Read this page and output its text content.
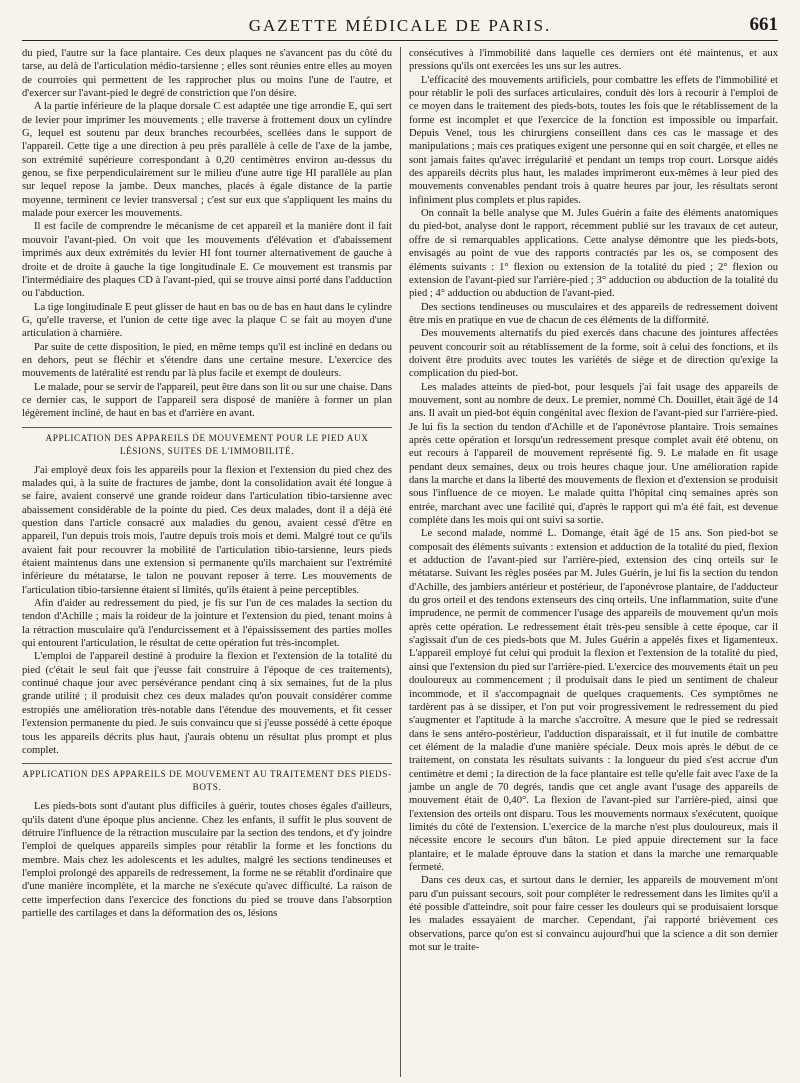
GAZETTE MÉDICALE DE PARIS.	661

du pied, l'autre sur la face plantaire. Ces deux plaques ne s'avancent pas du côté du tarse, au delà de l'articulation médio-tarsienne ; elles sont réunies entre elles au moyen de courroies qui permettent de les rapprocher plus ou moins l'une de l'autre, et d'exercer sur l'avant-pied le degré de constriction que l'on désire.

A la partie inférieure de la plaque dorsale C est adaptée une tige arrondie E, qui sert de levier pour imprimer les mouvements ; elle traverse à frottement doux un cylindre G, lequel est soutenu par deux branches recourbées, scellées dans le support de l'appareil. Cette tige a une direction à peu près parallèle à celle de l'axe de la jambe, son extrémité supérieure correspondant à 0,20 centimètres environ au-dessus du genou, se fixe perpendiculairement sur le milieu d'une autre tige HI parallèle au plan sur lequel repose la jambe. Deux manches, placés à égale distance de la partie moyenne, terminent ce levier transversal ; c'est sur eux que s'appliquent les mains du malade pour exercer les mouvements.

Il est facile de comprendre le mécanisme de cet appareil et la manière dont il fait mouvoir l'avant-pied. On voit que les mouvements d'élévation et d'abaissement imprimés aux deux extrémités du levier HI font tourner alternativement de gauche à droite et de droite à gauche la tige longitudinale E. Ce mouvement est transmis par l'intermédiaire des plaques CD à l'avant-pied, qui se trouve ainsi porté dans l'adduction ou l'abduction.

La tige longitudinale E peut glisser de haut en bas ou de bas en haut dans le cylindre G, qu'elle traverse, et l'union de cette tige avec la plaque C se fait au moyen d'une articulation à charnière.

Par suite de cette disposition, le pied, en même temps qu'il est incliné en dedans ou en dehors, peut se fléchir et s'étendre dans une certaine mesure. L'exercice des mouvements de latéralité est rendu par là plus facile et exempt de douleurs.

Le malade, pour se servir de l'appareil, peut être dans son lit ou sur une chaise. Dans ce dernier cas, le support de l'appareil sera disposé de manière à former un plan légèrement incliné, de haut en bas et d'arrière en avant.

APPLICATION DES APPAREILS DE MOUVEMENT POUR LE PIED AUX LÉSIONS, SUITES DE L'IMMOBILITÉ.

J'ai employé deux fois les appareils pour la flexion et l'extension du pied chez des malades qui, à la suite de fractures de jambe, dont la consolidation avait été longue à se faire, avaient conservé une grande roideur dans l'articulation tibio-tarsienne avec abaissement considérable de la pointe du pied. Ces deux malades, dont il a déjà été question dans l'article consacré aux maladies du genou, avaient cessé d'être en appareil, l'un depuis trois mois, l'autre depuis trois mois et demi. Malgré tout ce qu'ils avaient fait pour recouvrer la mobilité de l'articulation tibio-tarsienne, leurs pieds étaient maintenus dans une extension si permanente qu'ils marchaient sur l'extrémité inférieure du métatarse, le talon ne pouvant reposer à terre. Les mouvements de l'articulation tibio-tarsienne étaient si limités, qu'ils étaient à peine perceptibles.

Afin d'aider au redressement du pied, je fis sur l'un de ces malades la section du tendon d'Achille ; mais la roideur de la jointure et l'extension du pied, tenant moins à la rétraction musculaire qu'à l'endurcissement et à l'épaississement des parties molles qui entourent l'articulation, le résultat de cette opération fut très-incomplet.

L'emploi de l'appareil destiné à produire la flexion et l'extension de la totalité du pied (c'était le seul fait que j'eusse fait construire à l'époque de ces traitements), continué chaque jour avec persévérance pendant cinq à six semaines, fut de la plus grande utilité ; il produisit chez ces deux malades qu'on pouvait considérer comme estropiés une amélioration très-notable dans l'étendue des mouvements, et fit cesser l'extension permanente du pied. Je suis convaincu que si j'eusse possédé à cette époque tous les appareils décrits plus haut, j'aurais obtenu un résultat plus prompt et plus complet.

APPLICATION DES APPAREILS DE MOUVEMENT AU TRAITEMENT DES PIEDS-BOTS.

Les pieds-bots sont d'autant plus difficiles à guérir, toutes choses égales d'ailleurs, qu'ils datent d'une époque plus ancienne. Chez les enfants, il suffit le plus souvent de détruire l'influence de la rétraction musculaire par la section des tendons, et d'y joindre l'emploi de quelques appareils simples pour rétablir la forme et les fonctions du membre. Mais chez les adolescents et les adultes, malgré les sections tendineuses et l'emploi prolongé des appareils de redressement, la forme ne se rétablit d'ordinaire que d'une manière incomplète, et la marche ne s'exécute qu'avec difficulté. La raison de cette imperfection dans l'exercice des fonctions du pied se trouve dans l'absorption partielle des cartilages et dans la déformation des os, lésions

consécutives à l'immobilité dans laquelle ces derniers ont été maintenus, et aux pressions qu'ils ont exercées les uns sur les autres.

L'efficacité des mouvements artificiels, pour combattre les effets de l'immobilité et pour rétablir le poli des surfaces articulaires, conduit dès lors à recourir à l'emploi de ce moyen dans le traitement des pieds-bots, toutes les fois que le rétablissement de la forme est incomplet et que l'exercice de la fonction est impossible ou imparfait. Depuis Venel, tous les chirurgiens conseillent dans ces cas le massage et des manipulations ; mais ces pratiques exigent une personne qui en soit chargée, et elles ne sont jamais faites qu'avec irrégularité et pendant un temps trop court. Lorsque aidés des appareils décrits plus haut, les malades imprimeront eux-mêmes à leur pied des mouvements convenables pendant trois à quatre heures par jour, les résultats seront infiniment plus complets et plus rapides.

On connaît la belle analyse que M. Jules Guérin a faite des éléments anatomiques du pied-bot, analyse dont le rapport, récemment publié sur les travaux de cet auteur, offre de si remarquables applications. Cette analyse démontre que les pieds-bots, envisagés au point de vue des rapports contractés par les os, se composent des éléments suivants : 1° flexion ou extension de la totalité du pied ; 2° flexion ou extension de l'avant-pied sur l'arrière-pied ; 3° adduction ou abduction de la totalité du pied ; 4° adduction ou abduction de l'avant-pied.

Des sections tendineuses ou musculaires et des appareils de redressement doivent être mis en pratique en vue de chacun de ces éléments de la difformité.

Des mouvements alternatifs du pied exercés dans chacune des jointures affectées peuvent concourir soit au rétablissement de la forme, soit à celui des fonctions, et ils doivent être produits avec toutes les variétés de siége et de direction qu'exige la complication du pied-bot.

Les malades atteints de pied-bot, pour lesquels j'ai fait usage des appareils de mouvement, sont au nombre de deux. Le premier, nommé Ch. Douillet, était âgé de 14 ans. Il avait un pied-bot équin congénital avec flexion de l'avant-pied sur l'arrière-pied. Je lui fis la section du tendon d'Achille et de l'aponévrose plantaire. Trois semaines après cette opération et lorsqu'un redressement presque complet avait été obtenu, on eut recours à l'appareil de mouvement représenté fig. 9. Le malade en fit usage pendant deux semaines, deux ou trois heures chaque jour. Une amélioration rapide dans la marche et dans la liberté des mouvements de flexion et d'extension se produisit sous l'influence de ce moyen. Le malade quitta l'hôpital cinq semaines après son entrée, marchant avec une facilité qui, d'après le rapport qui m'a été fait, est devenue complète dans les mois qui ont suivi sa sortie.

Le second malade, nommé L. Domange, était âgé de 15 ans. Son pied-bot se composait des éléments suivants : extension et adduction de la totalité du pied, flexion et adduction de l'avant-pied sur l'arrière-pied, extension des cinq orteils sur le métatarse. Suivant les règles posées par M. Jules Guérin, je lui fis la section du tendon d'Achille, des jambiers antérieur et postérieur, de l'aponévrose plantaire, de l'adducteur du gros orteil et des tendons extenseurs des cinq orteils. Une inflammation, suite d'une imprudence, ne permit de commencer l'usage des appareils de mouvement qu'un mois après cette opération. Le redressement était très-peu sensible à cette époque, car il s'agissait d'un de ces pieds-bots que M. Jules Guérin a appelés fixes et ligamenteux. L'appareil employé fut celui qui produit la flexion et l'extension de la totalité du pied, ainsi que l'extension du pied sur l'arrière-pied. L'exercice des mouvements était un peu douloureux au commencement ; il produisait dans le pied un sentiment de chaleur incommode, et il s'accompagnait de quelques craquements. Ces symptômes ne tardèrent pas à se dissiper, et l'on put voir progressivement le redressement du pied s'augmenter et l'aptitude à la marche s'accroître. A mesure que le pied se redressait dans le sens antéro-postérieur, l'adduction disparaissait, et il fut inutile de combattre cet élément de la maladie d'une manière spéciale. Deux mois après le début de ce traitement, on constata les résultats suivants : la longueur du pied s'est accrue d'un centimètre et demi ; la direction de la face plantaire est telle qu'elle fait avec l'axe de la jambe un angle de 70 degrés, tandis que cet angle avant l'usage des appareils de mouvement était de 0,40°. La flexion de l'avant-pied sur l'arrière-pied, ainsi que l'extension des orteils ont disparu. Tous les mouvements normaux s'exécutent, quoique limités du côté de l'extension. L'exercice de la marche n'est plus douloureux, mais il nécessite encore le secours d'un bâton. Le pied appuie directement sur la face plantaire, et le malade éprouve dans la station et dans la marche une remarquable fermeté.

Dans ces deux cas, et surtout dans le dernier, les appareils de mouvement m'ont paru d'un puissant secours, soit pour compléter le redressement dans les limites qu'il a été possible d'atteindre, soit pour faire cesser les douleurs qui se produisaient lorsque les malades essayaient de marcher. Cependant, j'ai rapporté brièvement ces observations, parce qu'on est si convaincu aujourd'hui que la science a dit son dernier mot sur le traite-
